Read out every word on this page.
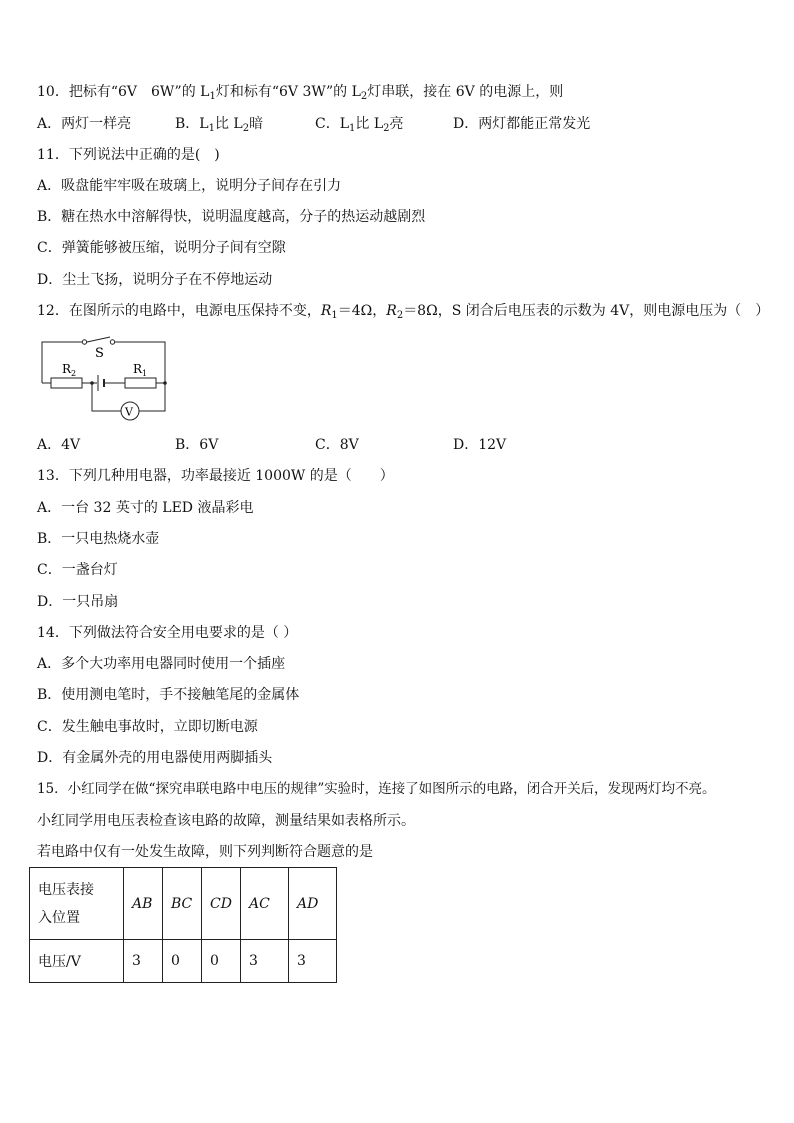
10．把标有“6V　6W”的 $L_1$灯和标有“6V 3W”的 $L_2$灯串联，接在 6V 的电源上，则
A．两灯一样亮	B．$L_1$比 $L_2$暗	C．$L_1$比 $L_2$亮	D．两灯都能正常发光
11．下列说法中正确的是(　)
A．吸盘能牢牢吸在玻璃上，说明分子间存在引力
B．糖在热水中溶解得快，说明温度越高，分子的热运动越剧烈
C．弹簧能够被压缩，说明分子间有空隙
D．尘土飞扬，说明分子在不停地运动
12．在图所示的电路中，电源电压保持不变，$R_1=4\Omega$，$R_2=8\Omega$，S 闭合后电压表的示数为 4V，则电源电压为（　）
S
$R_2$	$R_1$
V
A．4V	B．6V	C．8V	D．12V
13．下列几种用电器，功率最接近 1000W 的是（　　）
A．一台 32 英寸的 LED 液晶彩电
B．一只电热烧水壶
C．一盏台灯
D．一只吊扇
14．下列做法符合安全用电要求的是（ ）
A．多个大功率用电器同时使用一个插座
B．使用测电笔时，手不接触笔尾的金属体
C．发生触电事故时，立即切断电源
D．有金属外壳的用电器使用两脚插头
15．小红同学在做“探究串联电路中电压的规律”实验时，连接了如图所示的电路，闭合开关后，发现两灯均不亮。
小红同学用电压表检查该电路的故障，测量结果如表格所示。
若电路中仅有一处发生故障，则下列判断符合题意的是
电压表接
入位置	AB	BC	CD	AC	AD
电压/V	3	0	0	3	3
